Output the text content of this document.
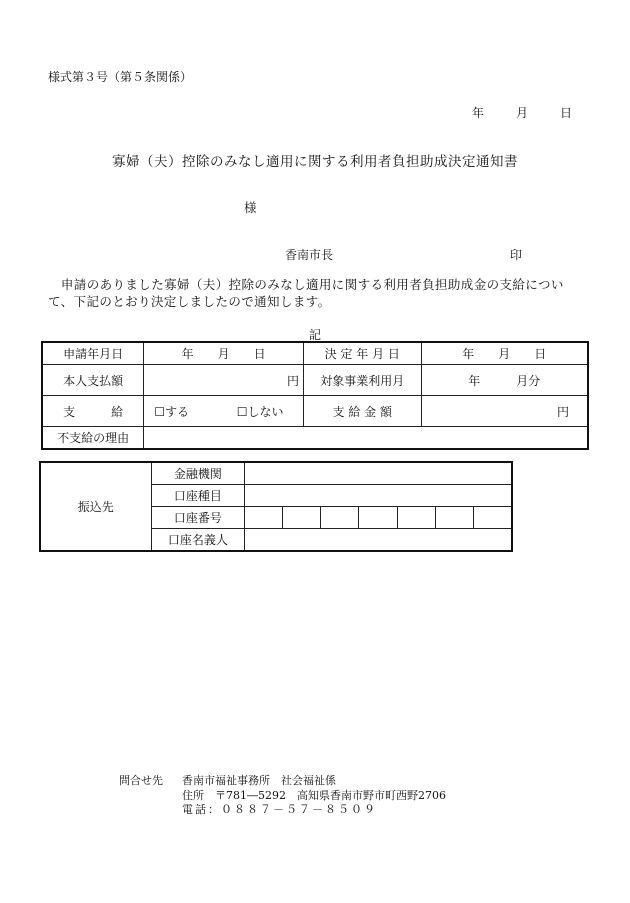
様式第３号（第５条関係）
年	月	日
寡婦（夫）控除のみなし適用に関する利用者負担助成決定通知書
様
香南市長	印
　申請のありました寡婦（夫）控除のみなし適用に関する利用者負担助成金の支給について、下記のとおり決定しましたので通知します。
記
申請年月日	年　　月　　日	決 定 年 月 日	年　　月　　日
本人支払額	円	対象事業利用月	年　　　月分
支　　　給	☐する ☐しない	支 給 金 額	円
不支給の理由			
振込先	金融機関							
	口座種目							
	口座番号							
	口座名義人							
問合せ先 香南市福祉事務所　社会福祉係
住所　〒781―5292　高知県香南市野市町西野2706
電話：０８８７－５７－８５０９
